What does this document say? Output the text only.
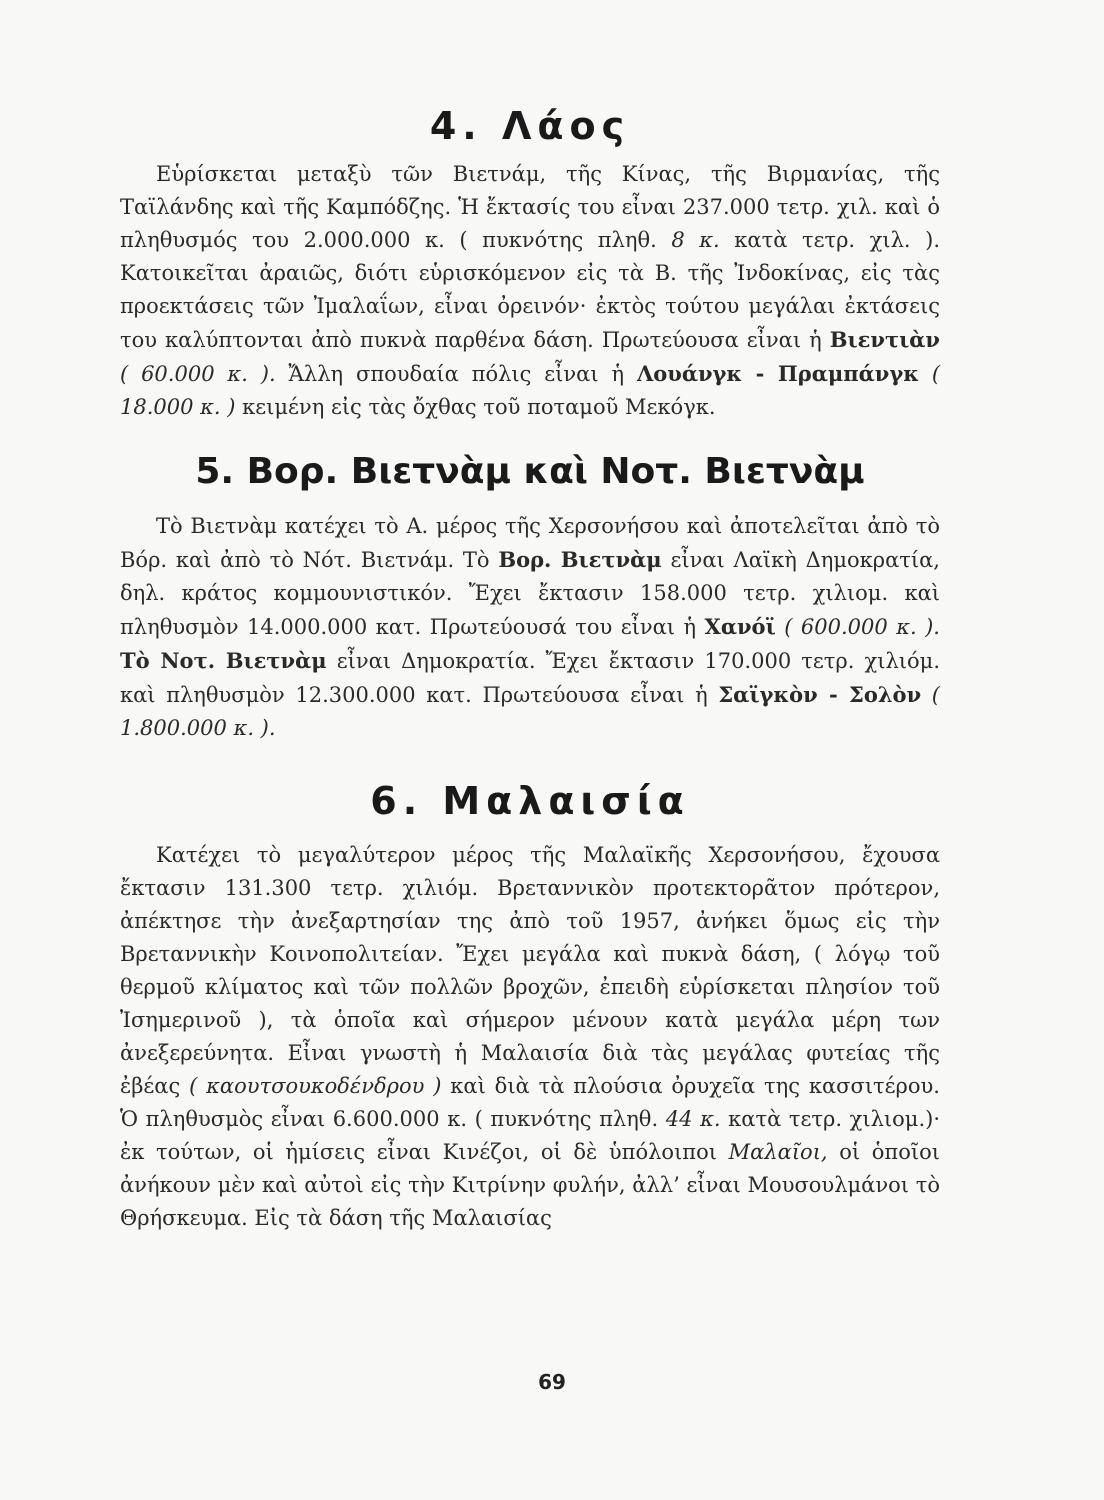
4. Λάος

Εὑρίσκεται μεταξὺ τῶν Βιετνάμ, τῆς Κίνας, τῆς Βιρμανίας, τῆς Ταϊλάνδης καὶ τῆς Καμπόδζης. Ἡ ἔκτασίς του εἶναι 237.000 τετρ. χιλ. καὶ ὁ πληθυσμός του 2.000.000 κ. ( πυκνότης πληθ. 8 κ. κατὰ τετρ. χιλ. ). Κατοικεῖται ἀραιῶς, διότι εὑρισκόμενον εἰς τὰ Β. τῆς Ἰνδοκίνας, εἰς τὰς προεκτάσεις τῶν Ἰμαλαΐων, εἶναι ὀρεινόν· ἐκτὸς τούτου μεγάλαι ἐκτάσεις του καλύπτονται ἀπὸ πυκνὰ παρθένα δάση. Πρωτεύουσα εἶναι ἡ Βιεντιὰν ( 60.000 κ. ). Ἄλλη σπουδαία πόλις εἶναι ἡ Λουάνγκ - Πραμπάνγκ ( 18.000 κ. ) κειμένη εἰς τὰς ὄχθας τοῦ ποταμοῦ Μεκόγκ.

5. Βορ. Βιετνὰμ καὶ Νοτ. Βιετνὰμ

Τὸ Βιετνὰμ κατέχει τὸ Α. μέρος τῆς Χερσονήσου καὶ ἀποτελεῖται ἀπὸ τὸ Βόρ. καὶ ἀπὸ τὸ Νότ. Βιετνάμ. Τὸ Βορ. Βιετνὰμ εἶναι Λαϊκὴ Δημοκρατία, δηλ. κράτος κομμουνιστικόν. Ἔχει ἔκτασιν 158.000 τετρ. χιλιομ. καὶ πληθυσμὸν 14.000.000 κατ. Πρωτεύουσά του εἶναι ἡ Χανόϊ ( 600.000 κ. ). Τὸ Νοτ. Βιετνὰμ εἶναι Δημοκρατία. Ἔχει ἔκτασιν 170.000 τετρ. χιλιόμ. καὶ πληθυσμὸν 12.300.000 κατ. Πρωτεύουσα εἶναι ἡ Σαϊγκὸν - Σολὸν ( 1.800.000 κ. ).

6. Μαλαισία

Κατέχει τὸ μεγαλύτερον μέρος τῆς Μαλαϊκῆς Χερσονήσου, ἔχουσα ἔκτασιν 131.300 τετρ. χιλιόμ. Βρεταννικὸν προτεκτορᾶτον πρότερον, ἀπέκτησε τὴν ἀνεξαρτησίαν της ἀπὸ τοῦ 1957, ἀνήκει ὅμως εἰς τὴν Βρεταννικὴν Κοινοπολιτείαν. Ἔχει μεγάλα καὶ πυκνὰ δάση, ( λόγῳ τοῦ θερμοῦ κλίματος καὶ τῶν πολλῶν βροχῶν, ἐπειδὴ εὑρίσκεται πλησίον τοῦ Ἰσημερινοῦ ), τὰ ὁποῖα καὶ σήμερον μένουν κατὰ μεγάλα μέρη των ἀνεξερεύνητα. Εἶναι γνωστὴ ἡ Μαλαισία διὰ τὰς μεγάλας φυτείας τῆς ἐβέας ( καουτσουκοδένδρου ) καὶ διὰ τὰ πλούσια ὀρυχεῖα της κασσιτέρου. Ὁ πληθυσμὸς εἶναι 6.600.000 κ. ( πυκνότης πληθ. 44 κ. κατὰ τετρ. χιλιομ.)· ἐκ τούτων, οἱ ἡμίσεις εἶναι Κινέζοι, οἱ δὲ ὑπόλοιποι Μαλαῖοι, οἱ ὁποῖοι ἀνήκουν μὲν καὶ αὐτοὶ εἰς τὴν Κιτρίνην φυλήν, ἀλλ’ εἶναι Μουσουλμάνοι τὸ Θρήσκευμα. Εἰς τὰ δάση τῆς Μαλαισίας

69
